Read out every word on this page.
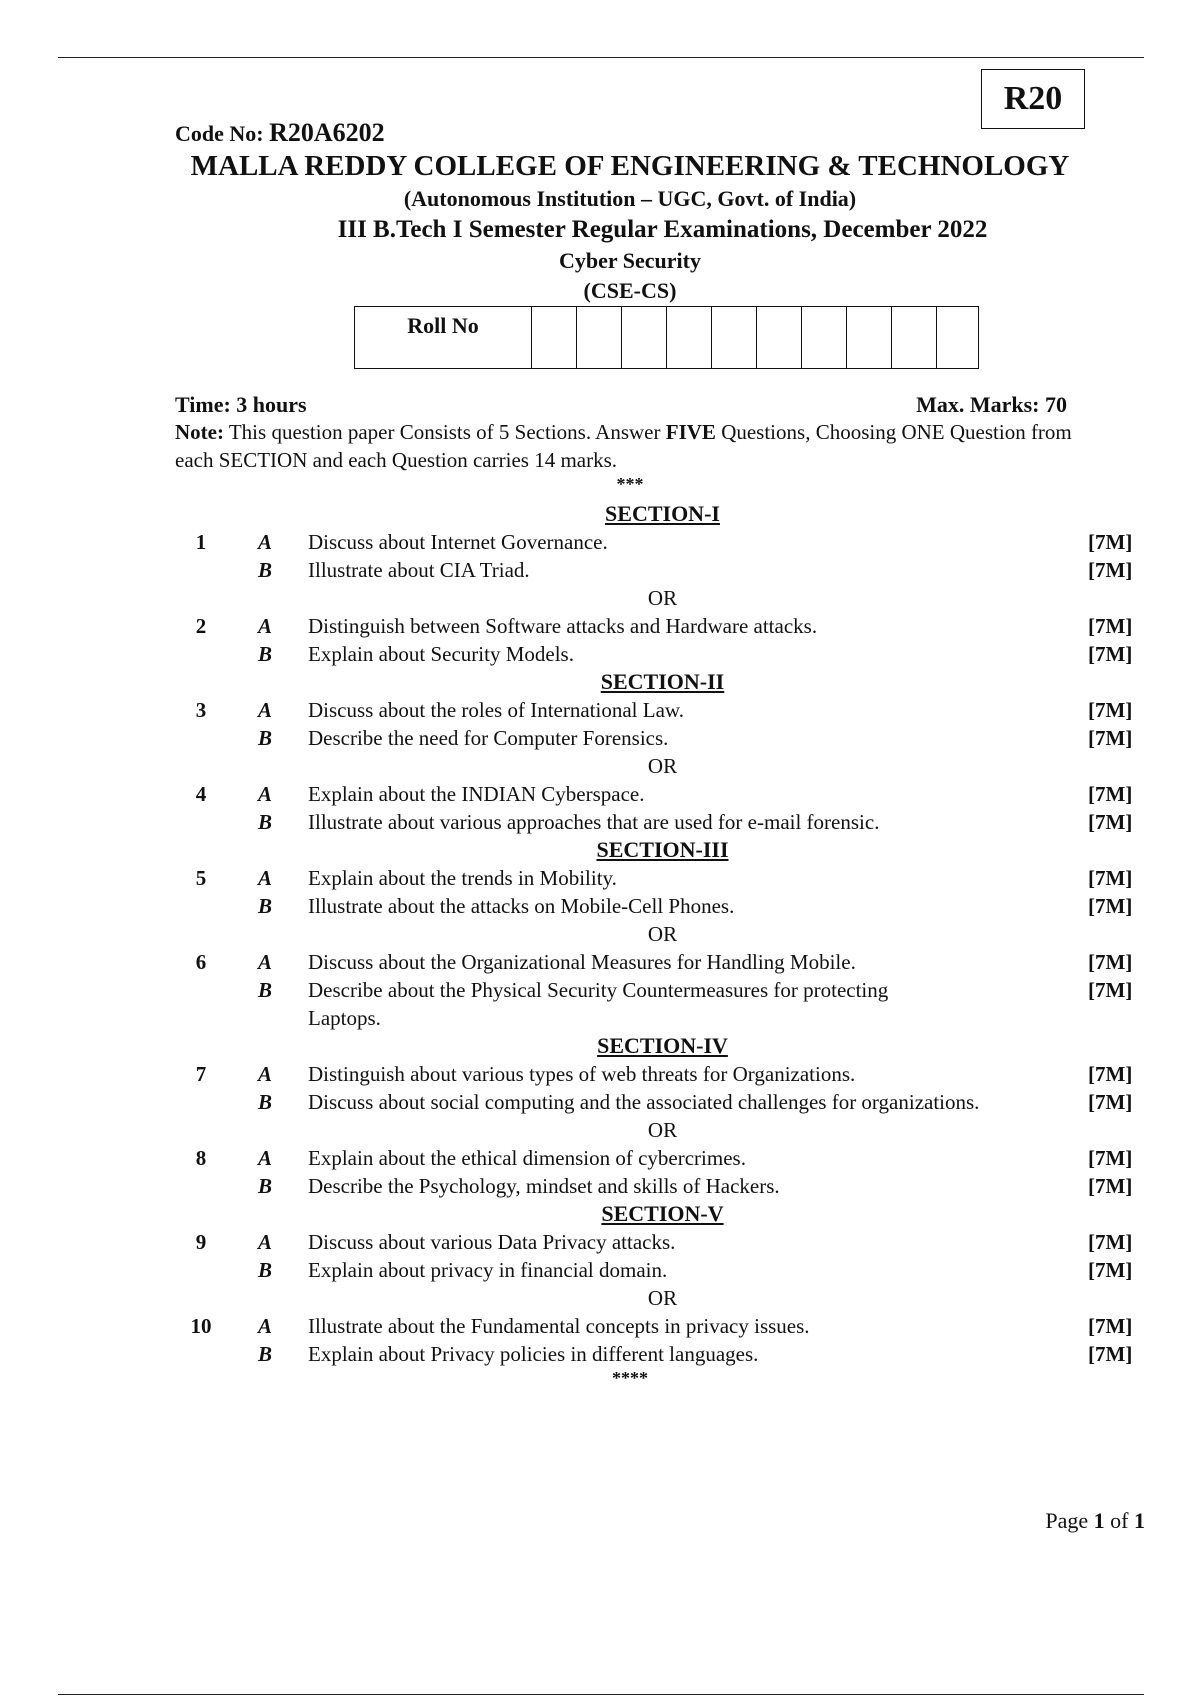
R20
Code No: R20A6202
MALLA REDDY COLLEGE OF ENGINEERING & TECHNOLOGY
(Autonomous Institution – UGC, Govt. of India)
III B.Tech I Semester Regular Examinations, December 2022
Cyber Security
(CSE-CS)
Roll No
Time: 3 hours	Max. Marks: 70
Note: This question paper Consists of 5 Sections. Answer FIVE Questions, Choosing ONE Question from each SECTION and each Question carries 14 marks.
***
SECTION-I
1	A Discuss about Internet Governance.	[7M]
B Illustrate about CIA Triad.	[7M]
OR
2	A Distinguish between Software attacks and Hardware attacks.	[7M]
B Explain about Security Models.	[7M]
SECTION-II
3	A Discuss about the roles of International Law.	[7M]
B Describe the need for Computer Forensics.	[7M]
OR
4	A Explain about the INDIAN Cyberspace.	[7M]
B Illustrate about various approaches that are used for e-mail forensic.	[7M]
SECTION-III
5	A Explain about the trends in Mobility.	[7M]
B Illustrate about the attacks on Mobile-Cell Phones.	[7M]
OR
6	A Discuss about the Organizational Measures for Handling Mobile.	[7M]
B Describe about the Physical Security Countermeasures for protecting Laptops.
[7M]
SECTION-IV
7	A Distinguish about various types of web threats for Organizations.	[7M]
B Discuss about social computing and the associated challenges for organizations.	[7M]
OR
8	A Explain about the ethical dimension of cybercrimes.	[7M]
B Describe the Psychology, mindset and skills of Hackers.	[7M]
SECTION-V
9	A Discuss about various Data Privacy attacks.	[7M]
B Explain about privacy in financial domain.	[7M]
OR
10 A Illustrate about the Fundamental concepts in privacy issues.	[7M]
B Explain about Privacy policies in different languages.	[7M]
****
Page 1 of 1
